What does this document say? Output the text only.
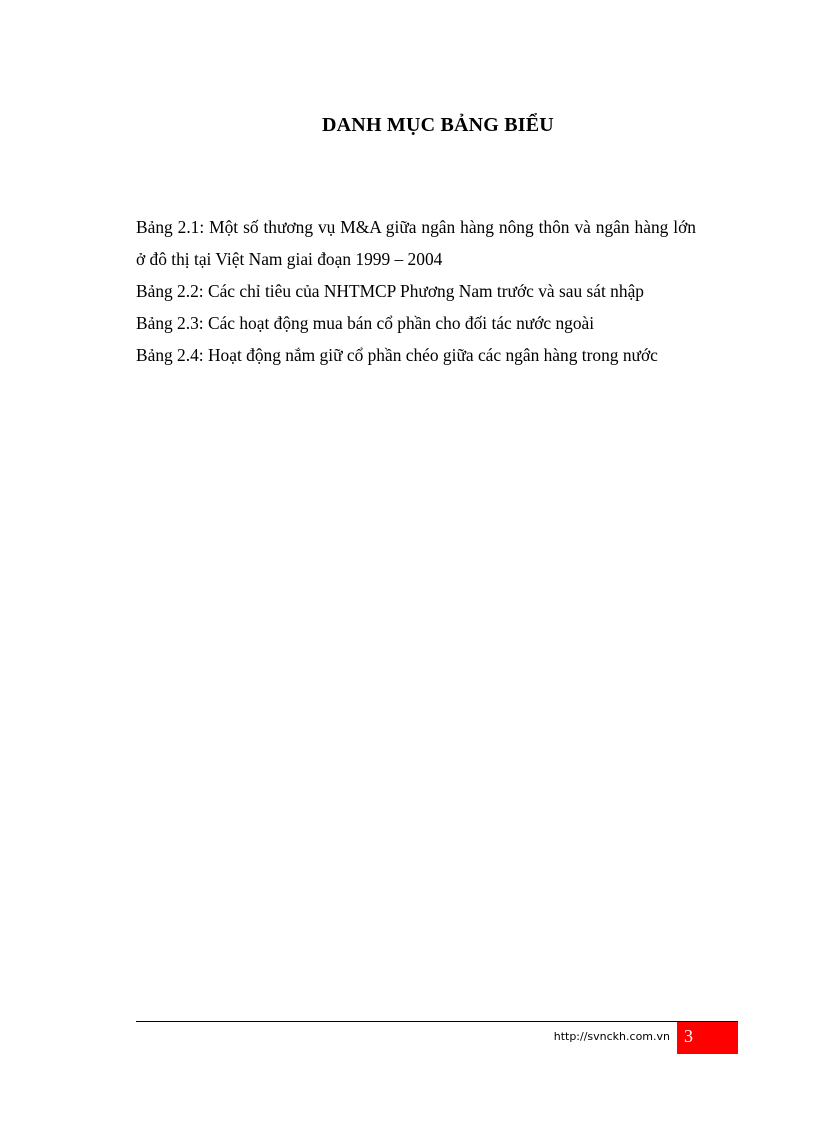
DANH MỤC BẢNG BIỂU

Bảng 2.1: Một số thương vụ M&A giữa ngân hàng nông thôn và ngân hàng lớn ở đô thị tại Việt Nam giai đoạn 1999 – 2004

Bảng 2.2: Các chỉ tiêu của NHTMCP Phương Nam trước và sau sát nhập

Bảng 2.3: Các hoạt động mua bán cổ phần cho đối tác nước ngoài

Bảng 2.4: Hoạt động nắm giữ cổ phần chéo giữa các ngân hàng trong nước

http://svnckh.com.vn 3
